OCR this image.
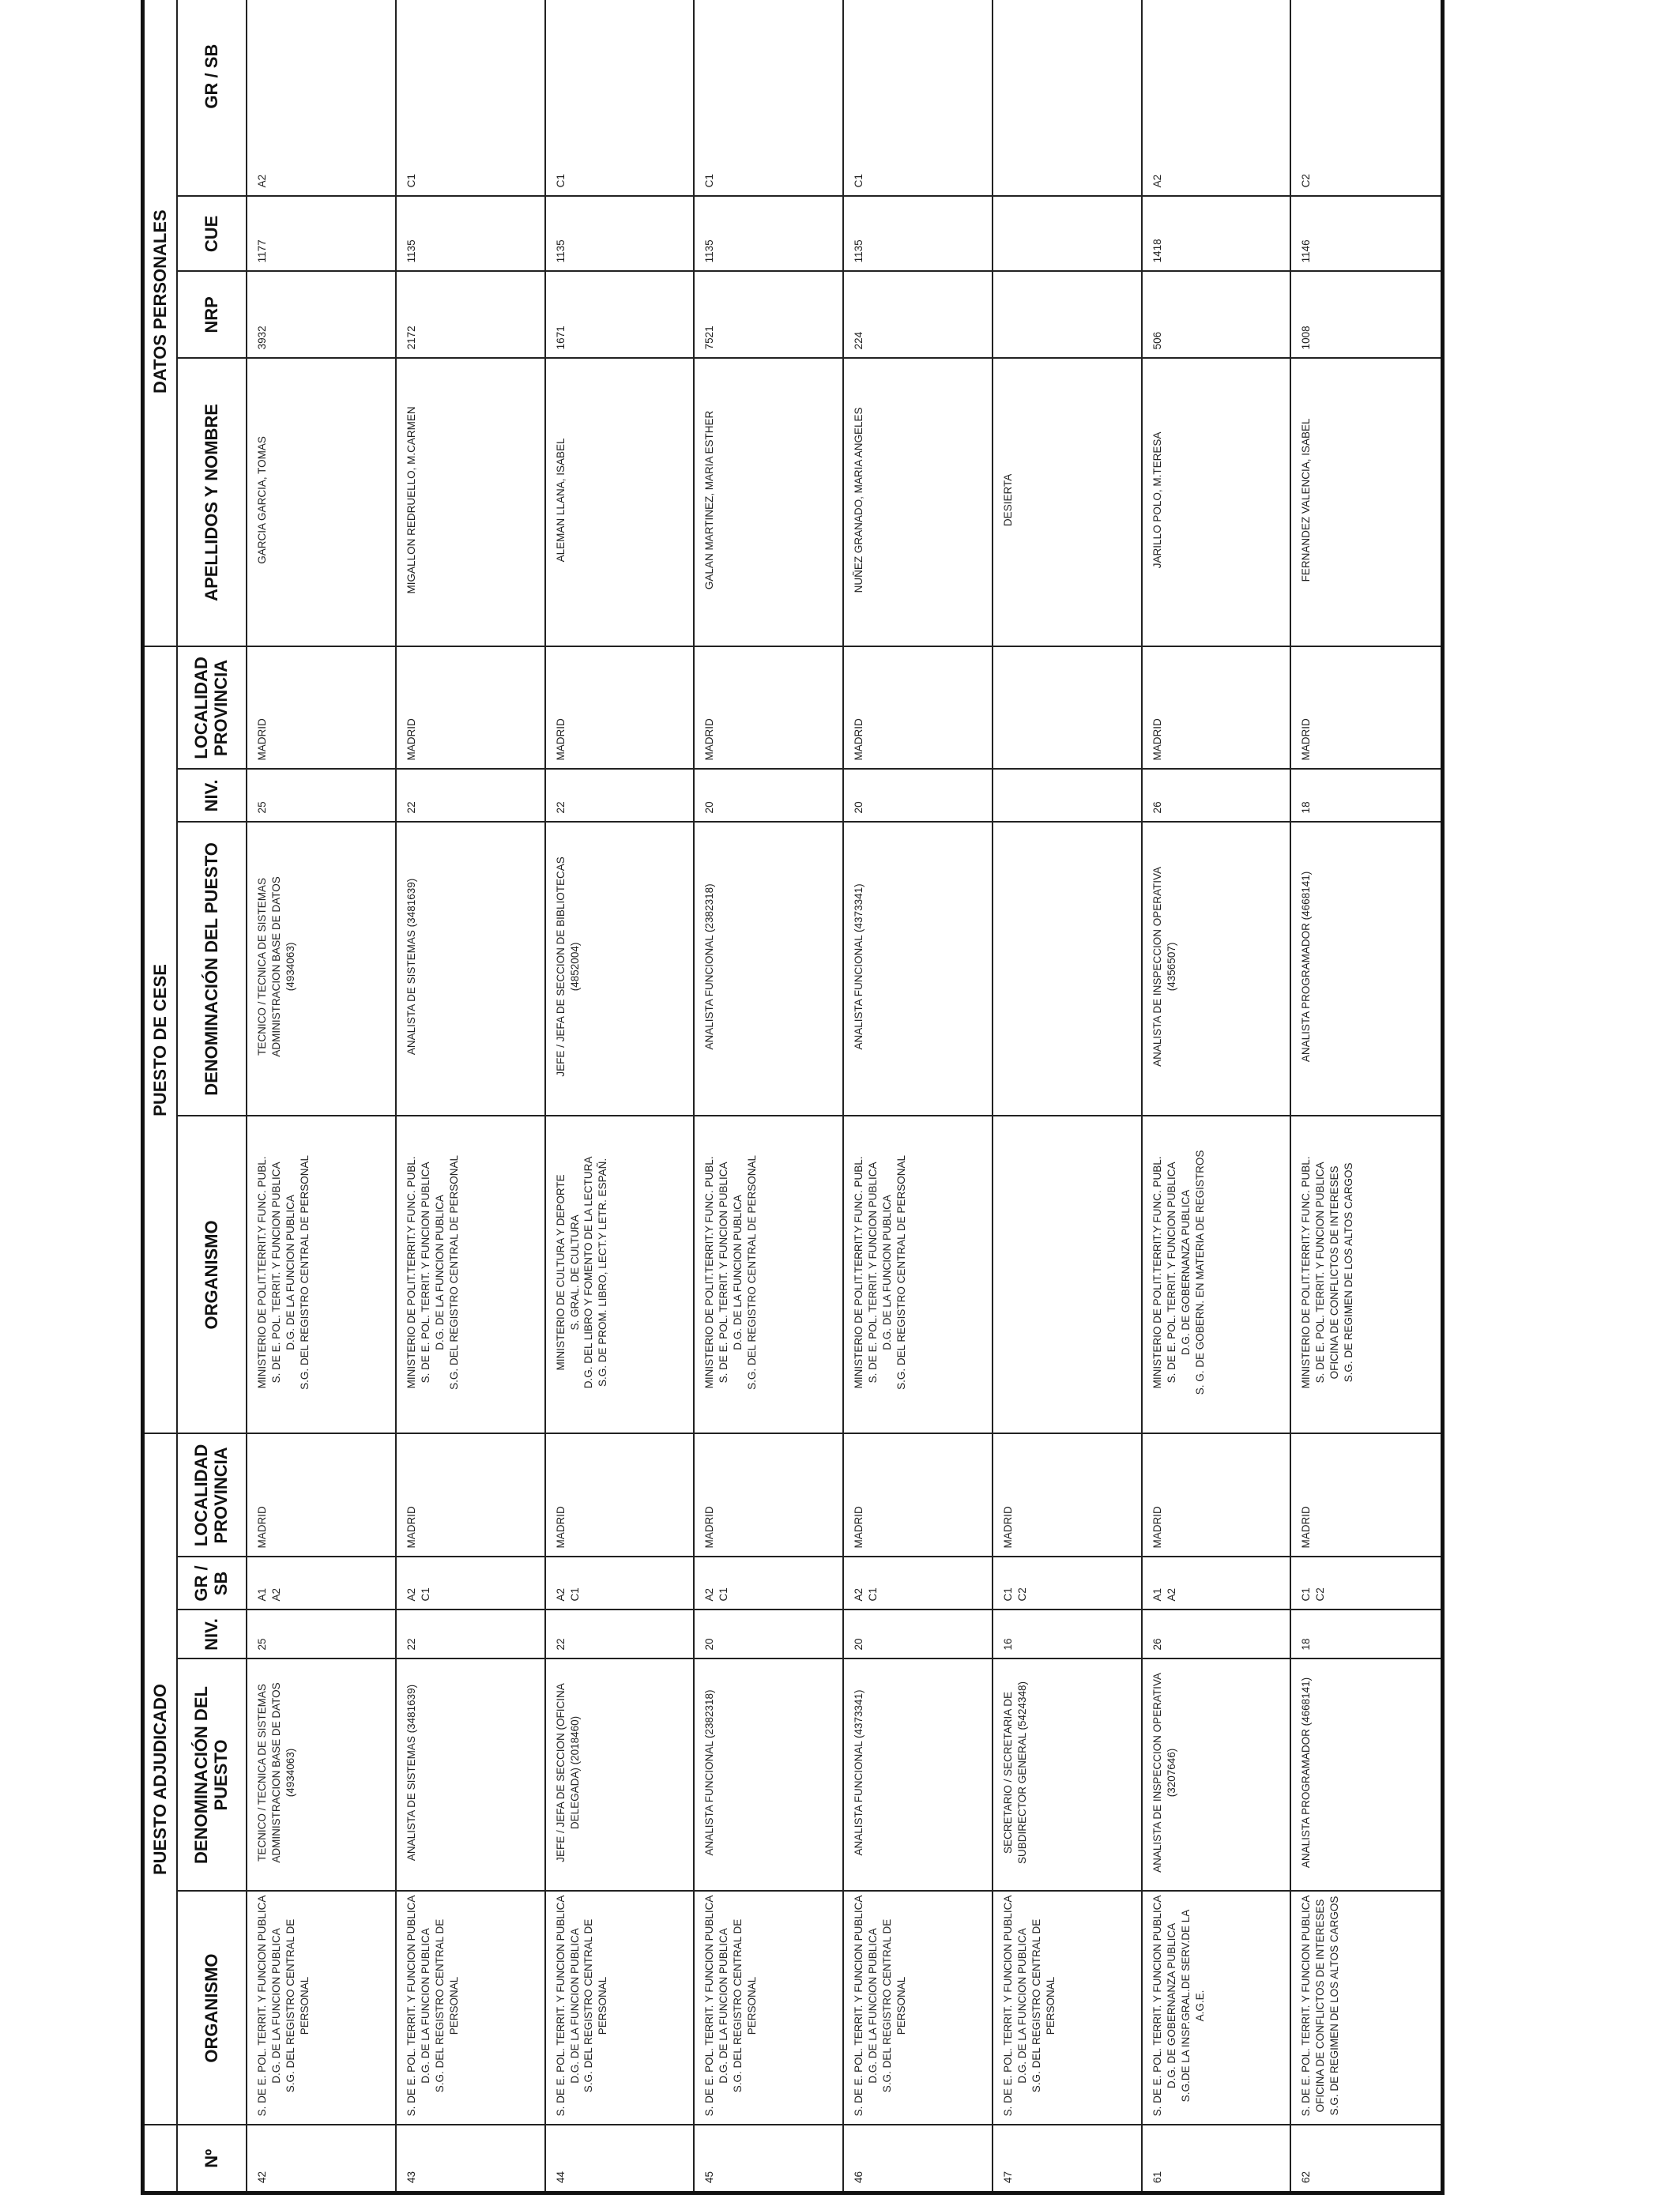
	PUESTO ADJUDICADO					PUESTO DE CESE				DATOS PERSONALES			
Nº	ORGANISMO	DENOMINACIÓN DEL PUESTO	NIV.	GR / SB	LOCALIDAD PROVINCIA	ORGANISMO	DENOMINACIÓN DEL PUESTO	NIV.	LOCALIDAD PROVINCIA	APELLIDOS Y NOMBRE	NRP	CUE	GR / SB
42	S. DE E. POL. TERRIT. Y FUNCION PUBLICA D.G. DE LA FUNCION PUBLICA S.G. DEL REGISTRO CENTRAL DE PERSONAL	TECNICO / TECNICA DE SISTEMAS ADMINISTRACION BASE DE DATOS (4934063)	25	A1 A2	MADRID	MINISTERIO DE POLIT.TERRIT.Y FUNC. PUBL. S. DE E. POL. TERRIT. Y FUNCION PUBLICA D.G. DE LA FUNCION PUBLICA S.G. DEL REGISTRO CENTRAL DE PERSONAL	TECNICO / TECNICA DE SISTEMAS ADMINISTRACION BASE DE DATOS (4934063)	25	MADRID	GARCIA GARCIA, TOMAS	3932	1177	A2
43	S. DE E. POL. TERRIT. Y FUNCION PUBLICA D.G. DE LA FUNCION PUBLICA S.G. DEL REGISTRO CENTRAL DE PERSONAL	ANALISTA DE SISTEMAS (3481639)	22	A2 C1	MADRID	MINISTERIO DE POLIT.TERRIT.Y FUNC. PUBL. S. DE E. POL. TERRIT. Y FUNCION PUBLICA D.G. DE LA FUNCION PUBLICA S.G. DEL REGISTRO CENTRAL DE PERSONAL	ANALISTA DE SISTEMAS (3481639)	22	MADRID	MIGALLON REDRUELLO, M.CARMEN	2172	1135	C1
44	S. DE E. POL. TERRIT. Y FUNCION PUBLICA D.G. DE LA FUNCION PUBLICA S.G. DEL REGISTRO CENTRAL DE PERSONAL	JEFE / JEFA DE SECCION (OFICINA DELEGADA) (2018460)	22	A2 C1	MADRID	MINISTERIO DE CULTURA Y DEPORTE S. GRAL. DE CULTURA D.G. DEL LIBRO Y FOMENTO DE LA LECTURA S.G. DE PROM. LIBRO, LECT.Y LETR. ESPAÑ.	JEFE / JEFA DE SECCION DE BIBLIOTECAS (4852004)	22	MADRID	ALEMAN LLANA, ISABEL	1671	1135	C1
45	S. DE E. POL. TERRIT. Y FUNCION PUBLICA D.G. DE LA FUNCION PUBLICA S.G. DEL REGISTRO CENTRAL DE PERSONAL	ANALISTA FUNCIONAL (2382318)	20	A2 C1	MADRID	MINISTERIO DE POLIT.TERRIT.Y FUNC. PUBL. S. DE E. POL. TERRIT. Y FUNCION PUBLICA D.G. DE LA FUNCION PUBLICA S.G. DEL REGISTRO CENTRAL DE PERSONAL	ANALISTA FUNCIONAL (2382318)	20	MADRID	GALAN MARTINEZ, MARIA ESTHER	7521	1135	C1
46	S. DE E. POL. TERRIT. Y FUNCION PUBLICA D.G. DE LA FUNCION PUBLICA S.G. DEL REGISTRO CENTRAL DE PERSONAL	ANALISTA FUNCIONAL (4373341)	20	A2 C1	MADRID	MINISTERIO DE POLIT.TERRIT.Y FUNC. PUBL. S. DE E. POL. TERRIT. Y FUNCION PUBLICA D.G. DE LA FUNCION PUBLICA S.G. DEL REGISTRO CENTRAL DE PERSONAL	ANALISTA FUNCIONAL (4373341)	20	MADRID	NUÑEZ GRANADO, MARIA ANGELES	224	1135	C1
47	S. DE E. POL. TERRIT. Y FUNCION PUBLICA D.G. DE LA FUNCION PUBLICA S.G. DEL REGISTRO CENTRAL DE PERSONAL	SECRETARIO / SECRETARIA DE SUBDIRECTOR GENERAL (5424348)	16	C1 C2	MADRID					DESIERTA			
61	S. DE E. POL. TERRIT. Y FUNCION PUBLICA D.G. DE GOBERNANZA PUBLICA S.G.DE LA INSP.GRAL.DE SERV.DE LA A.G.E.	ANALISTA DE INSPECCION OPERATIVA (3207646)	26	A1 A2	MADRID	MINISTERIO DE POLIT.TERRIT.Y FUNC. PUBL. S. DE E. POL. TERRIT. Y FUNCION PUBLICA D.G. DE GOBERNANZA PUBLICA S. G. DE GOBERN. EN MATERIA DE REGISTROS	ANALISTA DE INSPECCION OPERATIVA (4356507)	26	MADRID	JARILLO POLO, M.TERESA	506	1418	A2
62	S. DE E. POL. TERRIT. Y FUNCION PUBLICA OFICINA DE CONFLICTOS DE INTERESES S.G. DE REGIMEN DE LOS ALTOS CARGOS	ANALISTA PROGRAMADOR (4668141)	18	C1 C2	MADRID	MINISTERIO DE POLIT.TERRIT.Y FUNC. PUBL. S. DE E. POL. TERRIT. Y FUNCION PUBLICA OFICINA DE CONFLICTOS DE INTERESES S.G. DE REGIMEN DE LOS ALTOS CARGOS	ANALISTA PROGRAMADOR (4668141)	18	MADRID	FERNANDEZ VALENCIA, ISABEL	1008	1146	C2
